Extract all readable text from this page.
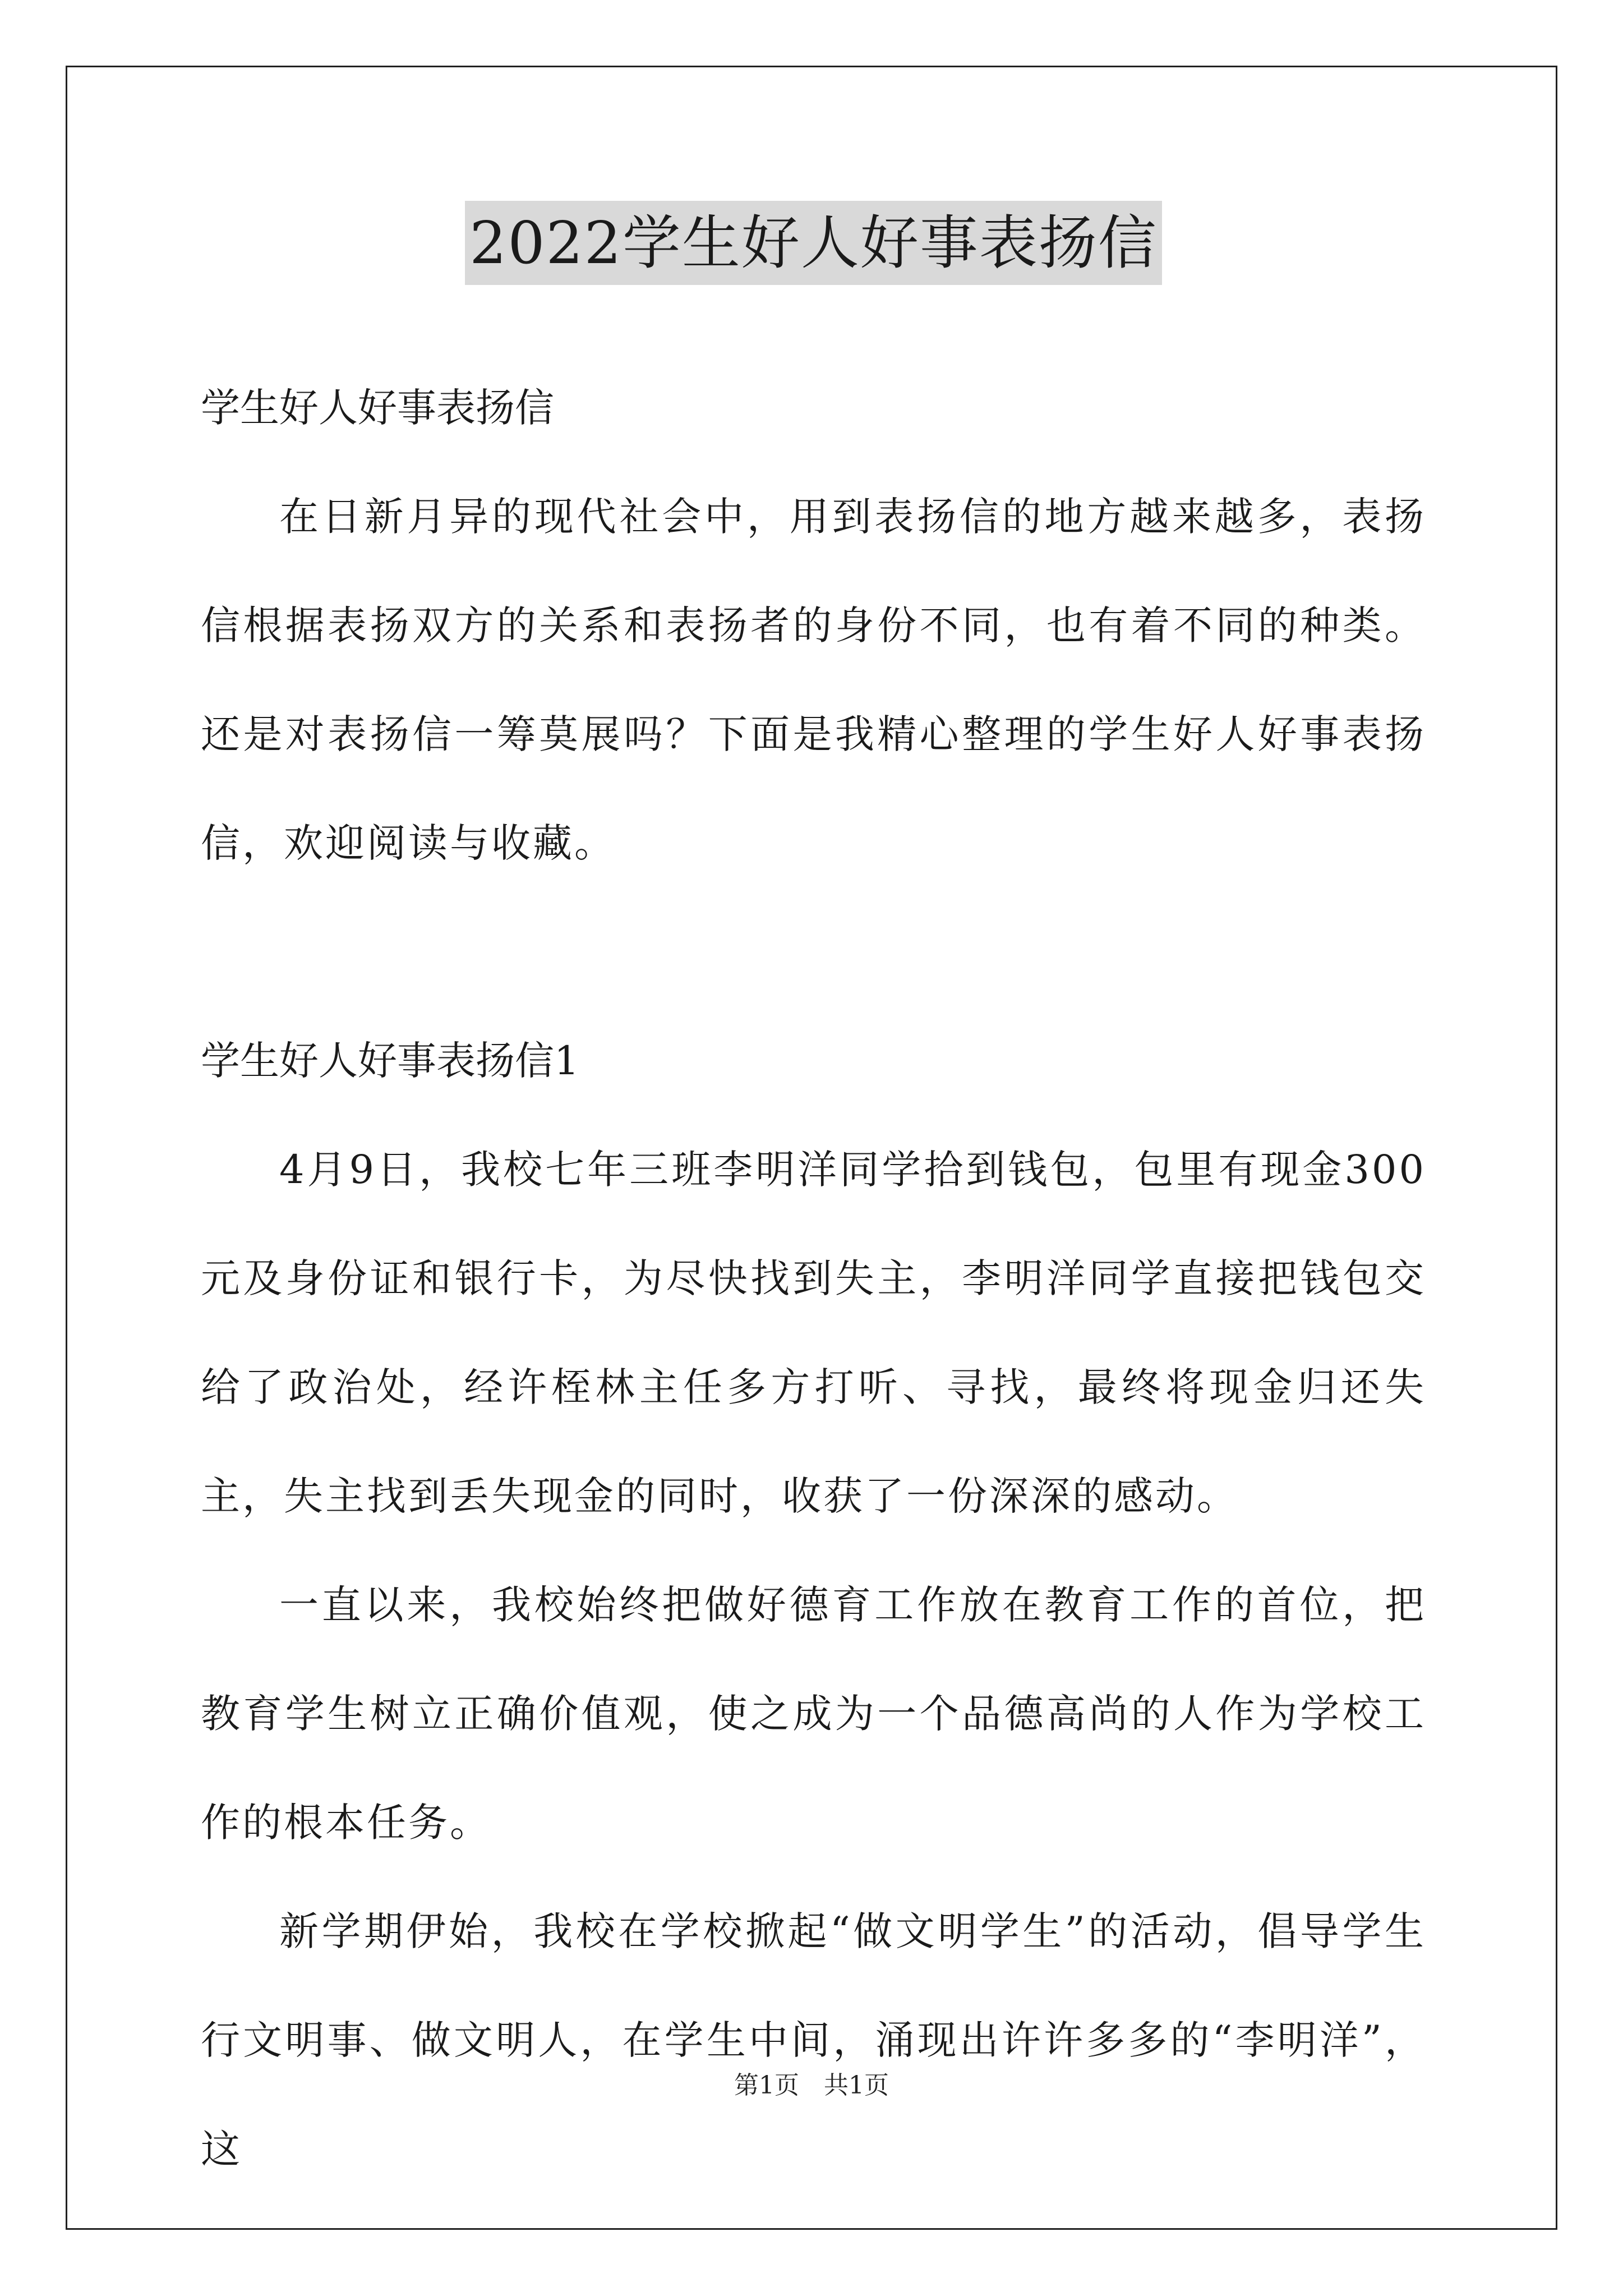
2022学生好人好事表扬信

学生好人好事表扬信

在日新月异的现代社会中，用到表扬信的地方越来越多，表扬信根据表扬双方的关系和表扬者的身份不同，也有着不同的种类。还是对表扬信一筹莫展吗？下面是我精心整理的学生好人好事表扬信，欢迎阅读与收藏。

学生好人好事表扬信1

4月9日，我校七年三班李明洋同学拾到钱包，包里有现金300元及身份证和银行卡，为尽快找到失主，李明洋同学直接把钱包交给了政治处，经许桎林主任多方打听、寻找，最终将现金归还失主，失主找到丢失现金的同时，收获了一份深深的感动。

一直以来，我校始终把做好德育工作放在教育工作的首位，把教育学生树立正确价值观，使之成为一个品德高尚的人作为学校工作的根本任务。

新学期伊始，我校在学校掀起“做文明学生”的活动，倡导学生行文明事、做文明人，在学生中间，涌现出许许多多的“李明洋”，这

第1页　共1页
